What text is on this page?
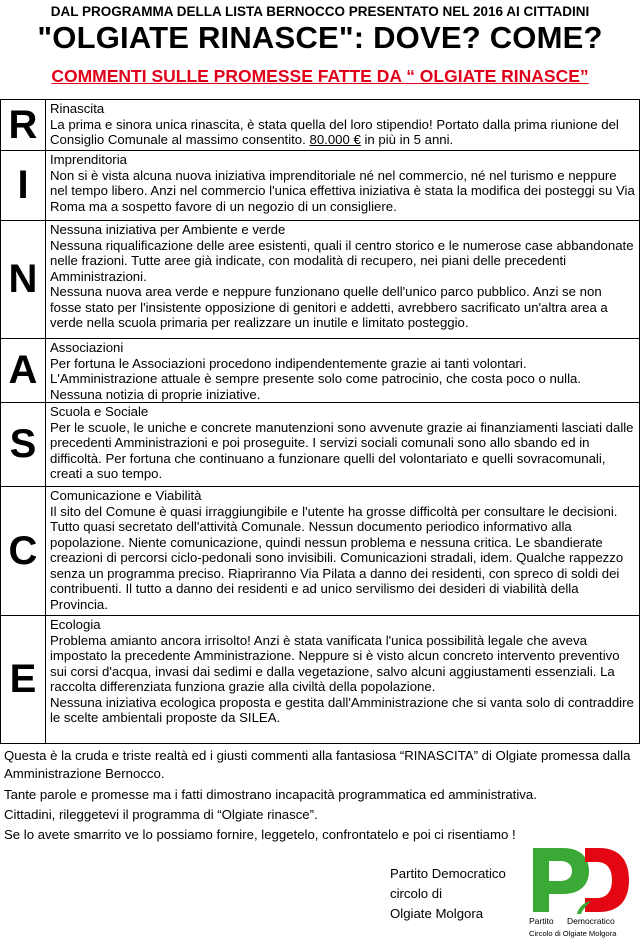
DAL PROGRAMMA DELLA LISTA BERNOCCO PRESENTATO NEL 2016 AI CITTADINI
"OLGIATE RINASCE": DOVE? COME?
COMMENTI SULLE PROMESSE FATTE DA “ OLGIATE RINASCE”
R	Rinascita
La prima e sinora unica rinascita, è stata quella del loro stipendio! Portato dalla prima riunione del Consiglio Comunale al massimo consentito. 80.000 € in più in 5 anni.
I	Imprenditoria
Non si è vista alcuna nuova iniziativa imprenditoriale né nel commercio, né nel turismo e neppure nel tempo libero. Anzi nel commercio l'unica effettiva iniziativa è stata la modifica dei posteggi su Via Roma ma a sospetto favore di un negozio di un consigliere.

N	Nessuna iniziativa per Ambiente e verde
Nessuna riqualificazione delle aree esistenti, quali il centro storico e le numerose case abbandonate nelle frazioni. Tutte aree già indicate, con modalità di recupero, nei piani delle precedenti Amministrazioni.
Nessuna nuova area verde e neppure funzionano quelle dell'unico parco pubblico. Anzi se non fosse stato per l'insistente opposizione di genitori e addetti, avrebbero sacrificato un'altra area a verde nella scuola primaria per realizzare un inutile e limitato posteggio.

A	Associazioni
Per fortuna le Associazioni procedono indipendentemente grazie ai tanti volontari.
L'Amministrazione attuale è sempre presente solo come patrocinio, che costa poco o nulla.
Nessuna notizia di proprie iniziative.

S	Scuola e Sociale
Per le scuole, le uniche e concrete manutenzioni sono avvenute grazie ai finanziamenti lasciati dalle precedenti Amministrazioni e poi proseguite. I servizi sociali comunali sono allo sbando ed in difficoltà. Per fortuna che continuano a funzionare quelli del volontariato e quelli sovracomunali, creati a suo tempo.

C	Comunicazione e Viabilità
Il sito del Comune è quasi irraggiungibile e l'utente ha grosse difficoltà per consultare le decisioni. Tutto quasi secretato dell'attività Comunale. Nessun documento periodico informativo alla popolazione. Niente comunicazione, quindi nessun problema e nessuna critica. Le sbandierate creazioni di percorsi ciclo-pedonali sono invisibili. Comunicazioni stradali, idem. Qualche rappezzo senza un programma preciso. Riapriranno Via Pilata a danno dei residenti, con spreco di soldi dei contribuenti. Il tutto a danno dei residenti e ad unico servilismo dei desideri di viabilità della Provincia.

E	Ecologia
Problema amianto ancora irrisolto! Anzi è stata vanificata l'unica possibilità legale che aveva impostato la precedente Amministrazione. Neppure si è visto alcun concreto intervento preventivo sui corsi d'acqua, invasi dai sedimi e dalla vegetazione, salvo alcuni aggiustamenti essenziali. La raccolta differenziata funziona grazie alla civiltà della popolazione.
Nessuna iniziativa ecologica proposta e gestita dall'Amministrazione che si vanta solo di contraddire le scelte ambientali proposte da SILEA.
Questa è la cruda e triste realtà ed i giusti commenti alla fantasiosa “RINASCITA” di Olgiate promessa dalla Amministrazione Bernocco.
Tante parole e promesse ma i fatti dimostrano incapacità programmatica ed amministrativa.
Cittadini, rileggetevi il programma di “Olgiate rinasce”.
Se lo avete smarrito ve lo possiamo fornire, leggetelo, confrontatelo e poi ci risentiamo !
Partito Democratico
circolo di
Olgiate Molgora	Partito Democratico
Circolo di Olgiate Molgora
